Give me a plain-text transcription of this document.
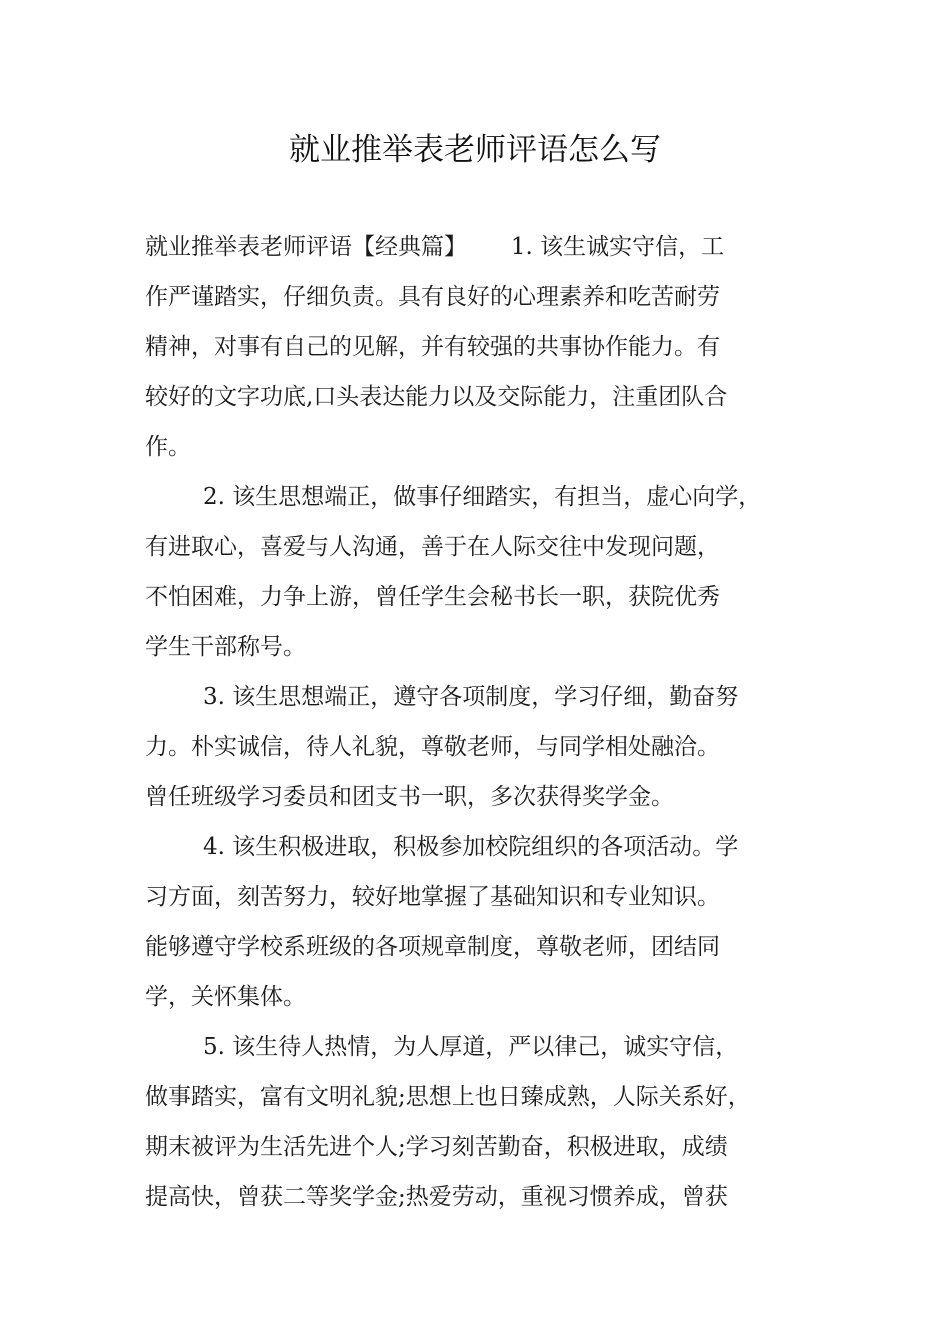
就业推举表老师评语怎么写
就业推举表老师评语【经典篇】      1. 该生诚实守信，工
作严谨踏实，仔细负责。具有良好的心理素养和吃苦耐劳
精神，对事有自己的见解，并有较强的共事协作能力。有
较好的文字功底,口头表达能力以及交际能力，注重团队合
作。
2. 该生思想端正，做事仔细踏实，有担当，虚心向学，
有进取心，喜爱与人沟通，善于在人际交往中发现问题，
不怕困难，力争上游，曾任学生会秘书长一职，获院优秀
学生干部称号。
3. 该生思想端正，遵守各项制度，学习仔细，勤奋努
力。朴实诚信，待人礼貌，尊敬老师，与同学相处融洽。
曾任班级学习委员和团支书一职，多次获得奖学金。
4. 该生积极进取，积极参加校院组织的各项活动。学
习方面，刻苦努力，较好地掌握了基础知识和专业知识。
能够遵守学校系班级的各项规章制度，尊敬老师，团结同
学，关怀集体。
5. 该生待人热情，为人厚道，严以律己，诚实守信，
做事踏实，富有文明礼貌;思想上也日臻成熟，人际关系好，
期末被评为生活先进个人;学习刻苦勤奋，积极进取，成绩
提高快，曾获二等奖学金;热爱劳动，重视习惯养成，曾获
